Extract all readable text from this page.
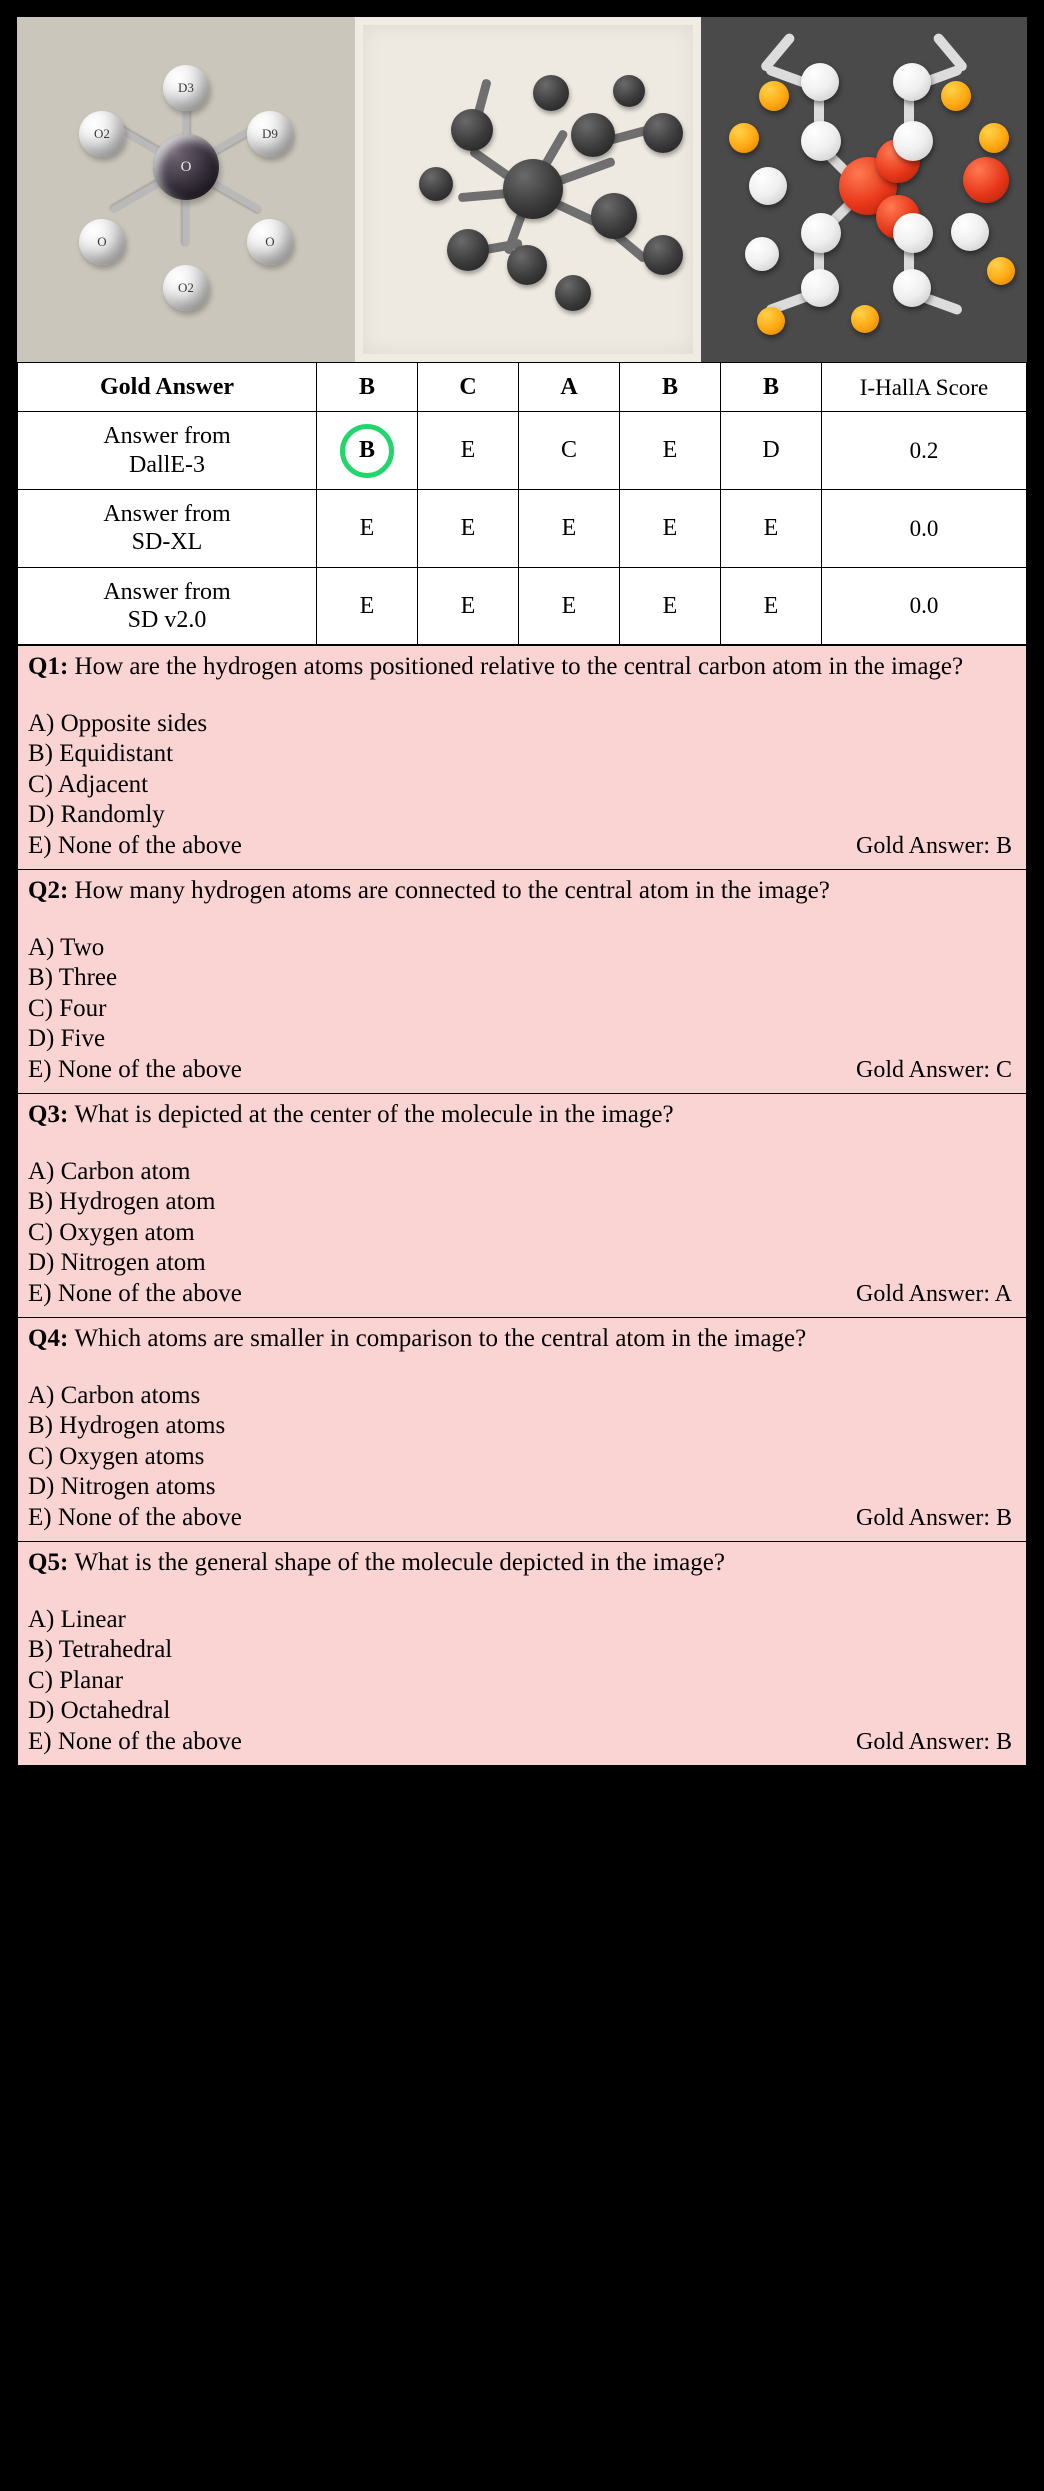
O
D3
O2
O2	D9
O	O
Gold Answer	B	C	A	B	B	I-HallA Score
Answer from
DallE-3	B	E	C	E	D	0.2
Answer from
SD-XL	E	E	E	E	E	0.0
Answer from
SD v2.0	E	E	E	E	E	0.0
Q1: How are the hydrogen atoms positioned relative to the central carbon atom in the image?
A) Opposite sides
B) Equidistant
C) Adjacent
D) Randomly
E) None of the above	Gold Answer: B
Q2: How many hydrogen atoms are connected to the central atom in the image?
A) Two
B) Three
C) Four
D) Five
E) None of the above	Gold Answer: C
Q3: What is depicted at the center of the molecule in the image?
A) Carbon atom
B) Hydrogen atom
C) Oxygen atom
D) Nitrogen atom
E) None of the above	Gold Answer: A
Q4: Which atoms are smaller in comparison to the central atom in the image?
A) Carbon atoms
B) Hydrogen atoms
C) Oxygen atoms
D) Nitrogen atoms
E) None of the above	Gold Answer: B
Q5: What is the general shape of the molecule depicted in the image?
A) Linear
B) Tetrahedral
C) Planar
D) Octahedral
E) None of the above	Gold Answer: B
